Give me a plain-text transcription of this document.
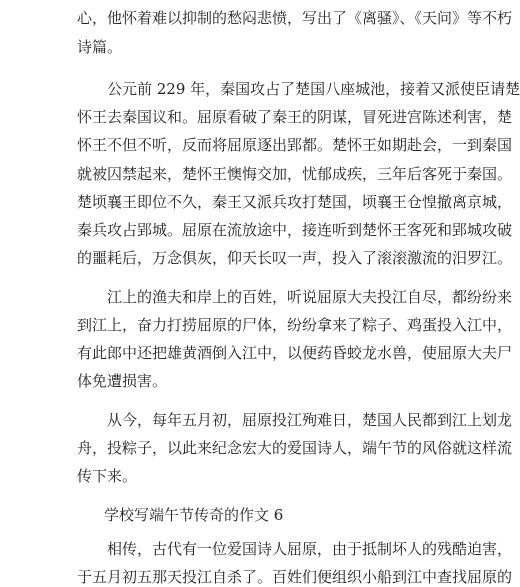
心，他怀着难以抑制的愁闷悲愤，写出了《离骚》、《天问》等不朽
诗篇。
　　公元前 229 年，秦国攻占了楚国八座城池，接着又派使臣请楚
怀王去秦国议和。屈原看破了秦王的阴谋，冒死进宫陈述利害，楚
怀王不但不听，反而将屈原逐出郢都。楚怀王如期赴会，一到秦国
就被囚禁起来，楚怀王懊悔交加，忧郁成疾，三年后客死于秦国。
楚顷襄王即位不久，秦王又派兵攻打楚国，顷襄王仓惶撤离京城，
秦兵攻占郢城。屈原在流放途中，接连听到楚怀王客死和郢城攻破
的噩耗后，万念俱灰，仰天长叹一声，投入了滚滚激流的汨罗江。
　　江上的渔夫和岸上的百姓，听说屈原大夫投江自尽，都纷纷来
到江上，奋力打捞屈原的尸体，纷纷拿来了粽子、鸡蛋投入江中，
有此郎中还把雄黄酒倒入江中，以便药昏蛟龙水兽，使屈原大夫尸
体免遭损害。
　　从今，每年五月初，屈原投江殉难日，楚国人民都到江上划龙
舟，投粽子，以此来纪念宏大的爱国诗人，端午节的风俗就这样流
传下来。
学校写端午节传奇的作文 6
　　相传，古代有一位爱国诗人屈原，由于抵制坏人的残酷迫害，
于五月初五那天投江自杀了。百姓们便组织小船到江中查找屈原的
